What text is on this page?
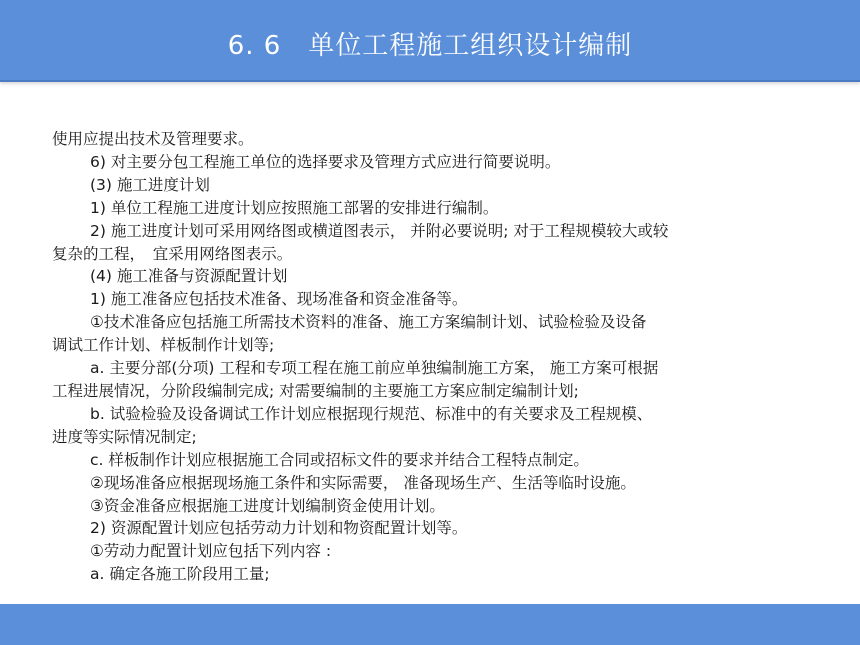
6. 6　单位工程施工组织设计编制
使用应提出技术及管理要求。
6) 对主要分包工程施工单位的选择要求及管理方式应进行简要说明。
(3) 施工进度计划
1) 单位工程施工进度计划应按照施工部署的安排进行编制。
2) 施工进度计划可采用网络图或横道图表示， 并附必要说明; 对于工程规模较大或较
复杂的工程，　宜采用网络图表示。
(4) 施工准备与资源配置计划
1) 施工准备应包括技术准备、现场准备和资金准备等。
①技术准备应包括施工所需技术资料的准备、施工方案编制计划、试验检验及设备
调试工作计划、样板制作计划等;
a. 主要分部(分项) 工程和专项工程在施工前应单独编制施工方案， 施工方案可根据
工程进展情况，分阶段编制完成; 对需要编制的主要施工方案应制定编制计划;
b. 试验检验及设备调试工作计划应根据现行规范、标准中的有关要求及工程规模、
进度等实际情况制定;
c. 样板制作计划应根据施工合同或招标文件的要求并结合工程特点制定。
②现场准备应根据现场施工条件和实际需要， 准备现场生产、生活等临时设施。
③资金准备应根据施工进度计划编制资金使用计划。
2) 资源配置计划应包括劳动力计划和物资配置计划等。
①劳动力配置计划应包括下列内容 :
a. 确定各施工阶段用工量;
